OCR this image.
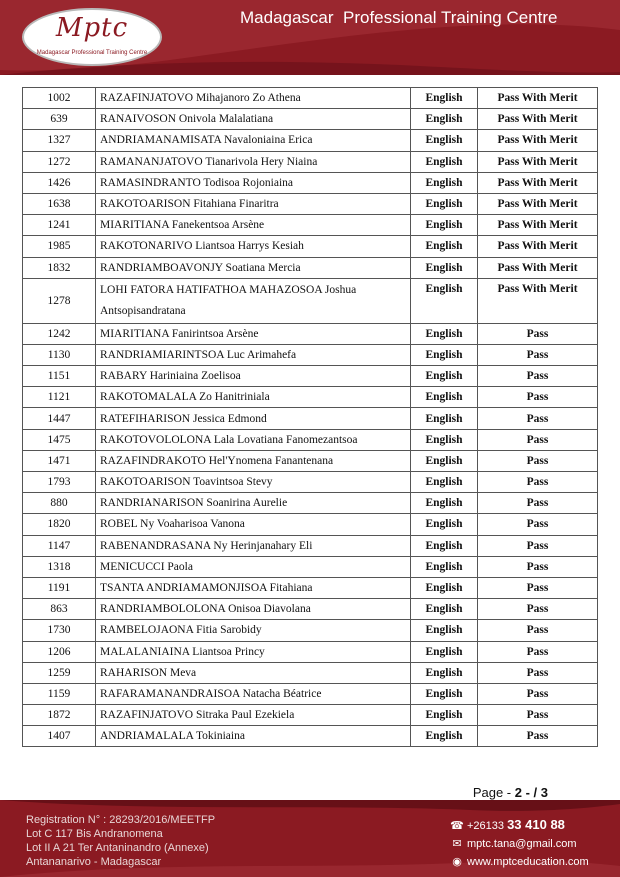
Mptc
Madagascar Professional Training Centre
Madagascar  Professional Training Centre
1002	RAZAFINJATOVO Mihajanoro Zo Athena	English	Pass With Merit
639	RANAIVOSON Onivola Malalatiana	English	Pass With Merit
1327	ANDRIAMANAMISATA Navaloniaina Erica	English	Pass With Merit
1272	RAMANANJATOVO Tianarivola Hery Niaina	English	Pass With Merit
1426	RAMASINDRANTO Todisoa Rojoniaina	English	Pass With Merit
1638	RAKOTOARISON Fitahiana Finaritra	English	Pass With Merit
1241	MIARITIANA Fanekentsoa Arsène	English	Pass With Merit
1985	RAKOTONARIVO Liantsoa Harrys Kesiah	English	Pass With Merit
1832	RANDRIAMBOAVONJY Soatiana Mercia	English	Pass With Merit
1278	LOHI FATORA HATIFATHOA MAHAZOSOA Joshua Antsopisandratana	English	Pass With Merit
1242	MIARITIANA Fanirintsoa Arsène	English	Pass
1130	RANDRIAMIARINTSOA Luc Arimahefa	English	Pass
1151	RABARY Hariniaina Zoelisoa	English	Pass
1121	RAKOTOMALALA Zo Hanitriniala	English	Pass
1447	RATEFIHARISON Jessica Edmond	English	Pass
1475	RAKOTOVOLOLONA Lala Lovatiana Fanomezantsoa	English	Pass
1471	RAZAFINDRAKOTO Hel'Ynomena Fanantenana	English	Pass
1793	RAKOTOARISON Toavintsoa Stevy	English	Pass
880	RANDRIANARISON Soanirina Aurelie	English	Pass
1820	ROBEL Ny Voaharisoa Vanona	English	Pass
1147	RABENANDRASANA Ny Herinjanahary Eli	English	Pass
1318	MENICUCCI Paola	English	Pass
1191	TSANTA ANDRIAMAMONJISOA Fitahiana	English	Pass
863	RANDRIAMBOLOLONA Onisoa Diavolana	English	Pass
1730	RAMBELOJAONA Fitia Sarobidy	English	Pass
1206	MALALANIAINA Liantsoa Princy	English	Pass
1259	RAHARISON Meva	English	Pass
1159	RAFARAMANANDRAISOA Natacha Béatrice	English	Pass
1872	RAZAFINJATOVO Sitraka Paul Ezekiela	English	Pass
1407	ANDRIAMALALA Tokiniaina	English	Pass
Page - 2 - / 3
Registration N° : 28293/2016/MEETFP
Lot C 117 Bis Andranomena
Lot II A 21 Ter Antaninandro (Annexe)
Antananarivo - Madagascar
☎ +26133 33 410 88
✉ mptc.tana@gmail.com
◉ www.mptceducation.com
